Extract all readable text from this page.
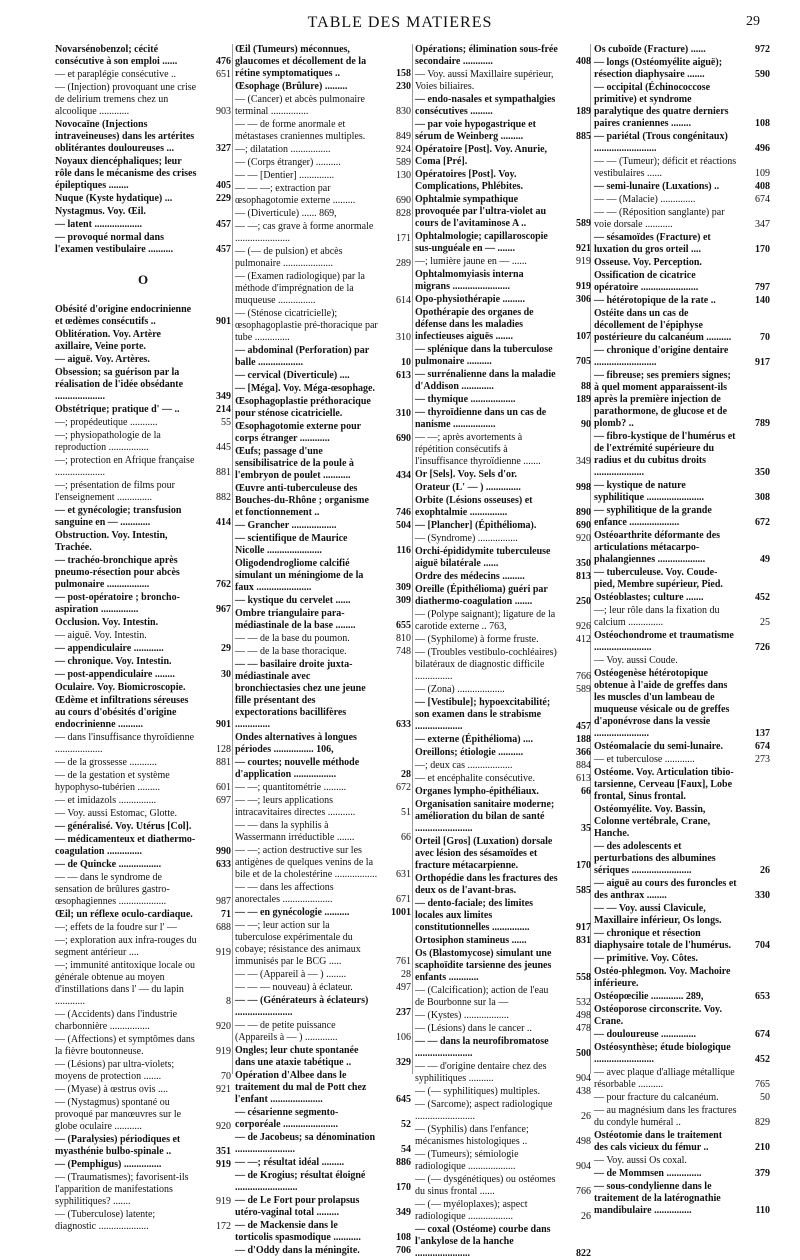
TABLE DES MATIERES	29
Novarsénobenzol; cécité consécutive à son emploi ......	476
— et paraplégie consécutive ..	651
— (Injection) provoquant une crise de delirium tremens chez un alcoolique ............	903
Novocaïne (Injections intraveineuses) dans les artérites oblitérantes douloureuses ...	327
Noyaux diencéphaliques; leur rôle dans le mécanisme des crises épileptiques ........	405
Nuque (Kyste hydatique) ...	229
Nystagmus. Voy. Œil.
— latent ...................	457
— provoqué normal dans l'examen vestibulaire ..........	457
O
Obésité d'origine endocrinienne et œdèmes consécutifs ..	901
Oblitération. Voy. Artère axillaire, Veine porte.
— aiguë. Voy. Artères.
Obsession; sa guérison par la réalisation de l'idée obsédante ....................	349
Obstétrique; pratique d' — ..	214
—; propédeutique ...........	55
—; physiopathologie de la reproduction ................	445
—; protection en Afrique française ....................	881
—; présentation de films pour l'enseignement ..............	882
— et gynécologie; transfusion sanguine en — ............	414
Obstruction. Voy. Intestin, Trachée.
— trachéo-bronchique après pneumo-résection pour abcès pulmonaire .................	762
— post-opératoire ; broncho-aspiration ...............	967
Occlusion. Voy. Intestin.
— aiguë. Voy. Intestin.
— appendiculaire ............	29
— chronique. Voy. Intestin.
— post-appendiculaire ........	30
Oculaire. Voy. Biomicroscopie.
Œdème et infiltrations séreuses au cours d'obésités d'origine endocrinienne ..........	901
— dans l'insuffisance thyroïdienne ...................	128
— de la grossesse ...........	881
— de la gestation et système hypophyso-tubérien .........	601
— et imidazols ...............	697
— Voy. aussi Estomac, Glotte.
— généralisé. Voy. Utérus [Col].
— médicamenteux et diathermo-coagulation ..............	990
— de Quincke .................	633
— — dans le syndrome de sensation de brûlures gastro-œsophagiennes ...................	987
Œil; un réflexe oculo-cardiaque.	71
—; effets de la foudre sur l' —	688
—; exploration aux infra-rouges du segment antérieur ....	919
—; immunité antitoxique locale ou générale obtenue au moyen d'instillations dans l' — du lapin ............	8
— (Accidents) dans l'industrie charbonnière ................	920
— (Affections) et symptômes dans la fièvre boutonneuse.	919
— (Lésions) par ultra-violets; moyens de protection .......	70
— (Myase) à œstrus ovis ....	921
— (Nystagmus) spontané ou provoqué par manœuvres sur le globe oculaire ...........	920
— (Paralysies) périodiques et myasthénie bulbo-spinale ..	351
— (Pemphigus) ...............	919
— (Traumatismes); favorisent-ils l'apparition de manifestations syphilitiques? .......	919
— (Tuberculose) latente; diagnostic ....................	172
Œil (Tumeurs) méconnues, glaucomes et décollement de la rétine symptomatiques ..	158
Œsophage (Brûlure) .........	230
— (Cancer) et abcès pulmonaire terminal ...............	830
— — de forme anormale et métastases craniennes multiples.	849
—; dilatation ................	924
— (Corps étranger) ..........	589
— — [Dentier] ..............	130
— — —; extraction par œsophagotomie externe .........	690
— (Diverticule) ...... 869,	828
— —; cas grave à forme anormale ......................	171
— (— de pulsion) et abcès pulmonaire ....................	289
— (Examen radiologique) par la méthode d'imprégnation de la muqueuse ...............	614
— (Sténose cicatricielle); œsophagoplastie pré-thoracique par tube ..............	310
— abdominal (Perforation) par balle ..................	10
— cervical (Diverticule) ....	613
— [Méga]. Voy. Méga-œsophage.
Œsophagoplastie préthoracique pour sténose cicatricielle.	310
Œsophagotomie externe pour corps étranger ............	690
Œufs; passage d'une sensibilisatrice de la poule à l'embryon de poulet ...........	434
Œuvre anti-tuberculeuse des Bouches-du-Rhône ; organisme et fonctionnement ..	746
— Grancher ..................	504
— scientifique de Maurice Nicolle ......................	116
Oligodendrogliome calcifié simulant un méningiome de la faux ......................	309
— kystique du cervelet ......	309
Ombre triangulaire para-médiastinale de la base ........	655
— — de la base du poumon.	810
— — de la base thoracique.	748
— — basilaire droite juxta-médiastinale avec bronchiectasies chez une jeune fille présentant des expectorations bacillifères ..............	633
Ondes alternatives à longues périodes ................ 106,
— courtes; nouvelle méthode d'application .................	28
— —; quantitométrie .........	672
— —; leurs applications intracavitaires directes ...........	51
— — dans la syphilis à Wassermann irréductible .......	66
— —; action destructive sur les antigènes de quelques venins de la bile et de la cholestérine .................	631
— — dans les affections anorectales ....................	671
— — en gynécologie ..........	1001
— —; leur action sur la tuberculose expérimentale du cobaye; résistance des animaux immunisés par le BCG .....	761
— — (Appareil à — ) ........	28
— — — nouveau) à éclateur.	497
— — (Générateurs à éclateurs) .......................	237
— — de petite puissance (Appareils à — ) .............	106
Ongles; leur chute spontanée dans une ataxie tabétique ..	329
Opération d'Albee dans le traitement du mal de Pott chez l'enfant .....................	645
— césarienne segmento-corporéale ......................	52
— de Jacobeus; sa dénomination ........................	54
— —; résultat idéal .........	886
— de Krogius; résultat éloigné .........................	170
— de Le Fort pour prolapsus utéro-vaginal total .........	349
— de Mackensie dans le torticolis spasmodique ...........	108
— d'Oddy dans la méningite.	706
Opérations; élimination sous-frée secondaire ............	408
— Voy. aussi Maxillaire supérieur, Voies biliaires.
— endo-nasales et sympathalgies consécutives .........	189
— par voie hypogastrique et sérum de Weinberg .........	885
Opératoire [Post]. Voy. Anurie, Coma [Pré].
Opératoires [Post]. Voy. Complications, Phlébites.
Ophtalmie sympathique provoquée par l'ultra-violet au cours de l'avitaminose A ..	589
Ophtalmologie; capillaroscopie sus-unguéale en — .......	921
—; lumière jaune en — ......	919
Ophtalmomyiasis interna migrans .......................	919
Opo-physiothérapie .........	306
Opothérapie des organes de défense dans les maladies infectieuses aiguës .......	107
— splénique dans la tuberculose pulmonaire ..........	705
— surrénalienne dans la maladie d'Addison .............	88
— thymique ..................	189
— thyroïdienne dans un cas de nanisme .................	90
— —; après avortements à répétition consécutifs à l'insuffisance thyroïdienne .......	349
Or [Sels]. Voy. Sels d'or.
Orateur (L' — ) ..............	998
Orbite (Lésions osseuses) et exophtalmie ...............	890
— [Plancher] (Épithélioma).	690
— (Syndrome) ................	920
Orchi-épididymite tuberculeuse aiguë bilatérale ......	350
Ordre des médecins .........	813
Oreille (Épithélioma) guéri par diathermo-coagulation .......	250
— (Polype saignant); ligature de la carotide externe .. 763,	926
— (Syphilome) à forme fruste.	412
— (Troubles vestibulo-cochléaires) bilatéraux de diagnostic difficile ...............	766
— (Zona) ...................	589
— [Vestibule]; hypoexcitabilité; son examen dans le strabisme ...................	457
— externe (Épithélioma) ....	188
Oreillons; étiologie ..........	366
—; deux cas ..................	884
— et encéphalite consécutive.	613
Organes lympho-épithéliaux.	66
Organisation sanitaire moderne; amélioration du bilan de santé .......................	35
Orteil [Gros] (Luxation) dorsale avec lésion des sésamoïdes et fracture métacarpienne.	170
Orthopédie dans les fractures des deux os de l'avant-bras.	585
— dento-faciale; des limites locales aux limites constitutionnelles ...............	917
Ortosiphon stamineus ......	831
Os (Blastomycose) simulant une scaphoïdite tarsienne des jeunes enfants ............	558
— (Calcification); action de l'eau de Bourbonne sur la —	532
— (Kystes) ..................	498
— (Lésions) dans le cancer ..	478
— — dans la neurofibromatose .......................	500
— — d'origine dentaire chez des syphilitiques ..........	904
— (— syphilitiques) multiples.	438
— (Sarcome); aspect radiologique ........................	26
— (Syphilis) dans l'enfance; mécanismes histologiques ..	498
— (Tumeurs); sémiologie radiologique ...................	904
— (— dysgénétiques) ou ostéomes du sinus frontal ......	766
— (— myéloplaxes); aspect radiologique ..................	26
— coxal (Ostéome) courbe dans l'ankylose de la hanche ......................	822
Os cuboïde (Fracture) ......	972
— longs (Ostéomyélite aiguë); résection diaphysaire .......	590
— occipital (Échinococcose primitive) et syndrome paralytique des quatre derniers paires craniennes ........	108
— pariétal (Trous congénitaux) .........................	496
— — (Tumeur); déficit et réactions vestibulaires ......	109
— semi-lunaire (Luxations) ..	408
— — (Malacie) ..............	674
— — (Réposition sanglante) par voie dorsale ...........	347
— sésamoïdes (Fracture) et luxation du gros orteil ....	170
Osseuse. Voy. Perception.
Ossification de cicatrice opératoire .......................	797
— hétérotopique de la rate ..	140
Ostéite dans un cas de décollement de l'épiphyse postérieure du calcanéum ..........	70
— chronique d'origine dentaire .........................	917
— fibreuse; ses premiers signes; à quel moment apparaissent-ils après la première injection de parathormone, de glucose et de plomb? ..	789
— fibro-kystique de l'humérus et de l'extrémité supérieure du radius et du cubitus droits ....................	350
— kystique de nature syphilitique .......................	308
— syphilitique de la grande enfance ....................	672
Ostéoarthrite déformante des articulations métacarpo-phalangiennes ...................	49
— tuberculeuse. Voy. Coude-pied, Membre supérieur, Pied.
Ostéoblastes; culture .......	452
—; leur rôle dans la fixation du calcium ..............	25
Ostéochondrome et traumatisme .......................	726
— Voy. aussi Coude.
Ostéogenèse hétérotopique obtenue à l'aide de greffes dans les muscles d'un lambeau de muqueuse vésicale ou de greffes d'aponévrose dans la vessie ......................	137
Ostéomalacie du semi-lunaire.	674
— et tuberculose ............	273
Ostéome. Voy. Articulation tibio-tarsienne, Cerveau [Faux], Lobe frontal, Sinus frontal.
Ostéomyélite. Voy. Bassin, Colonne vertébrale, Crane, Hanche.
— des adolescents et perturbations des albumines sériques ........................	26
— aiguë au cours des furoncles et des anthrax ........	330
— — Voy. aussi Clavicule, Maxillaire inférieur, Os longs.
— chronique et résection diaphysaire totale de l'humérus.	704
— primitive. Voy. Côtes.
Ostéo-phlegmon. Voy. Machoire inférieure.
Ostéopœcilie ............. 289,	653
Ostéoporose circonscrite. Voy. Crane.
— douloureuse ..............	674
Ostéosynthèse; étude biologique ........................	452
— avec plaque d'alliage métallique résorbable ..........	765
— pour fracture du calcanéum.	50
— au magnésium dans les fractures du condyle huméral ..	829
Ostéotomie dans le traitement des cals vicieux du fémur ..	210
— Voy. aussi Os coxal.
— de Mommsen ..............	379
— sous-condylienne dans le traitement de la latérognathie mandibulaire ...............	110
